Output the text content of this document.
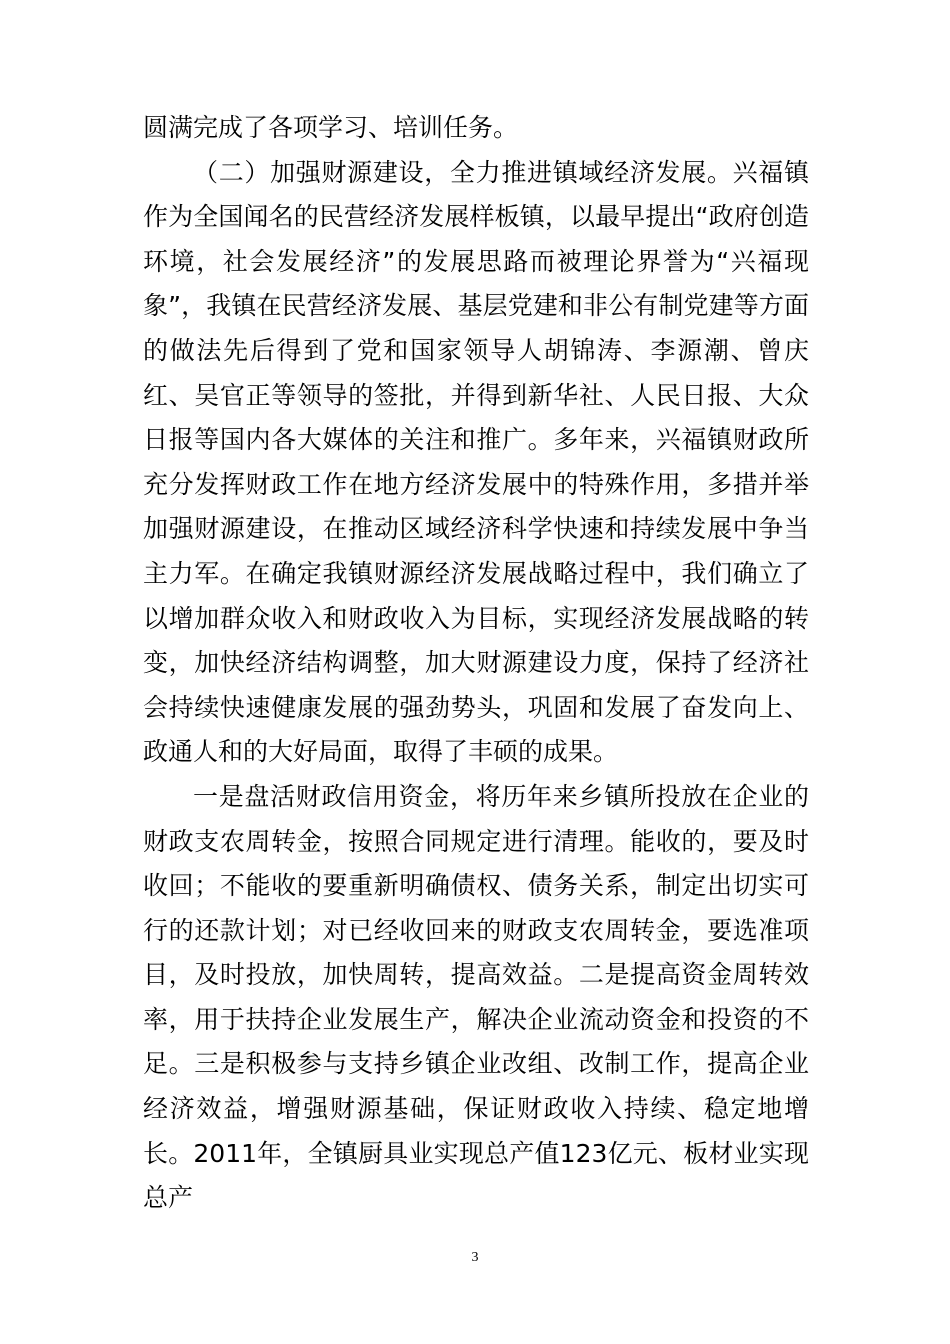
圆满完成了各项学习、培训任务。

（二）加强财源建设，全力推进镇域经济发展。兴福镇作为全国闻名的民营经济发展样板镇，以最早提出“政府创造环境，社会发展经济”的发展思路而被理论界誉为“兴福现象”，我镇在民营经济发展、基层党建和非公有制党建等方面的做法先后得到了党和国家领导人胡锦涛、李源潮、曾庆红、吴官正等领导的签批，并得到新华社、人民日报、大众日报等国内各大媒体的关注和推广。多年来，兴福镇财政所充分发挥财政工作在地方经济发展中的特殊作用，多措并举加强财源建设，在推动区域经济科学快速和持续发展中争当主力军。在确定我镇财源经济发展战略过程中，我们确立了以增加群众收入和财政收入为目标，实现经济发展战略的转变，加快经济结构调整，加大财源建设力度，保持了经济社会持续快速健康发展的强劲势头，巩固和发展了奋发向上、政通人和的大好局面，取得了丰硕的成果。

一是盘活财政信用资金，将历年来乡镇所投放在企业的财政支农周转金，按照合同规定进行清理。能收的，要及时收回；不能收的要重新明确债权、债务关系，制定出切实可行的还款计划；对已经收回来的财政支农周转金，要选准项目，及时投放，加快周转，提高效益。二是提高资金周转效率，用于扶持企业发展生产，解决企业流动资金和投资的不足。三是积极参与支持乡镇企业改组、改制工作，提高企业经济效益，增强财源基础，保证财政收入持续、稳定地增长。2011年，全镇厨具业实现总产值123亿元、板材业实现总产

3
